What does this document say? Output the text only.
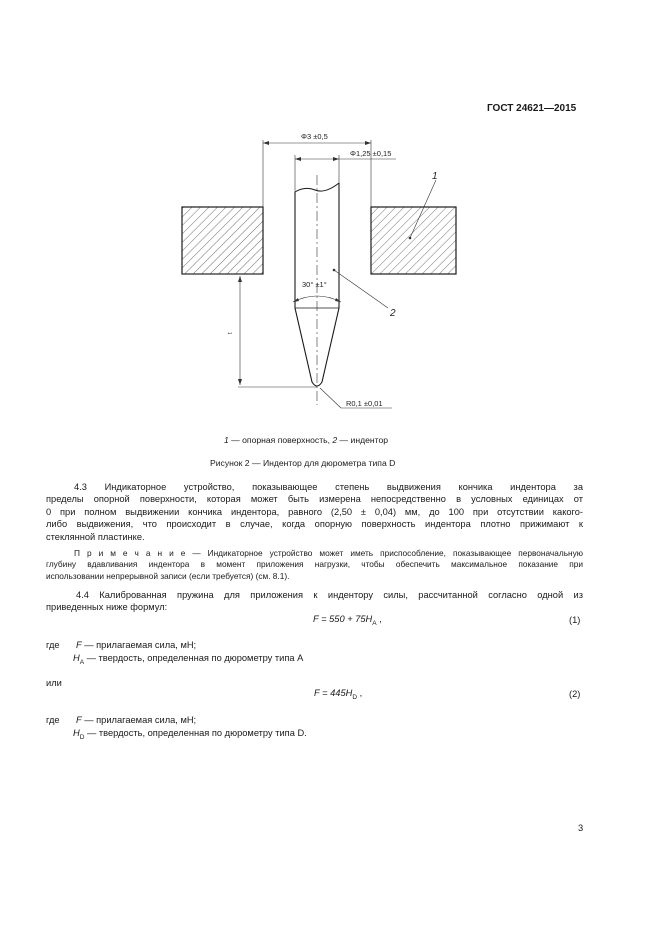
ГОСТ 24621—2015
Φ3 ±0,5
Φ1,25 ±0,15
30° ±1°
t
R0,1 ±0,01
1
2
1 — опорная поверхность, 2 — индентор
Рисунок 2 — Индентор для дюрометра типа D
4.3 Индикаторное устройство, показывающее степень выдвижения кончика индентора за
пределы опорной поверхности, которая может быть измерена непосредственно в условных единицах от
0 при полном выдвижении кончика индентора, равного (2,50 ± 0,04) мм, до 100 при отсутствии какого-
либо выдвижения, что происходит в случае, когда опорную поверхность индентора плотно прижимают к
стеклянной пластинке.
П р и м е ч а н и е — Индикаторное устройство может иметь приспособление, показывающее первоначальную
глубину вдавливания индентора в момент приложения нагрузки, чтобы обеспечить максимальное показание при
использовании непрерывной записи (если требуется) (см. 8.1).
4.4 Калиброванная пружина для приложения к индентору силы, рассчитанной согласно одной из
приведенных ниже формул:
$F = 550 + 75H_A$ ,	(1)
где F — прилагаемая сила, мН;
$H_A$ — твердость, определенная по дюрометру типа A
или
$F = 445H_D$ ,	(2)
где F — прилагаемая сила, мН;
$H_D$ — твердость, определенная по дюрометру типа D.
3
